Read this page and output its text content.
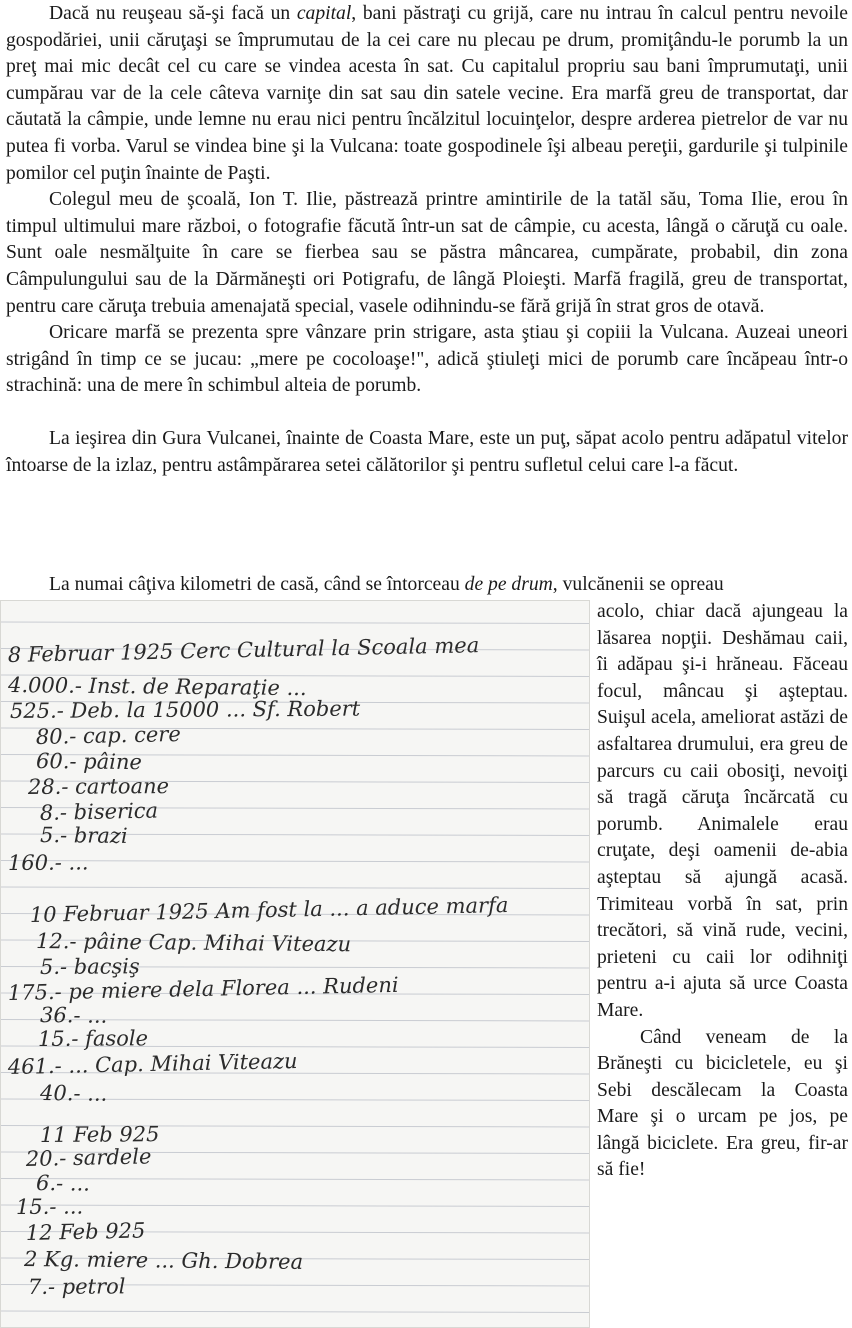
Dacă nu reuşeau să-şi facă un capital, bani păstraţi cu grijă, care nu intrau în calcul pentru nevoile gospodăriei, unii căruţaşi se împrumutau de la cei care nu plecau pe drum, promiţându-le porumb la un preţ mai mic decât cel cu care se vindea acesta în sat. Cu capitalul propriu sau bani împrumutaţi, unii cumpărau var de la cele câteva varniţe din sat sau din satele vecine. Era marfă greu de transportat, dar căutată la câmpie, unde lemne nu erau nici pentru încălzitul locuinţelor, despre arderea pietrelor de var nu putea fi vorba. Varul se vindea bine şi la Vulcana: toate gospodinele îşi albeau pereţii, gardurile şi tulpinile pomilor cel puţin înainte de Paşti.

Colegul meu de şcoală, Ion T. Ilie, păstrează printre amintirile de la tatăl său, Toma Ilie, erou în timpul ultimului mare război, o fotografie făcută într-un sat de câmpie, cu acesta, lângă o căruţă cu oale. Sunt oale nesmălţuite în care se fierbea sau se păstra mâncarea, cumpărate, probabil, din zona Câmpulungului sau de la Dărmăneşti ori Potigrafu, de lângă Ploieşti. Marfă fragilă, greu de transportat, pentru care căruţa trebuia amenajată special, vasele odihnindu-se fără grijă în strat gros de otavă.

Oricare marfă se prezenta spre vânzare prin strigare, asta ştiau şi copiii la Vulcana. Auzeai uneori strigând în timp ce se jucau: „mere pe cocoloaşe!", adică ştiuleţi mici de porumb care încăpeau într-o strachină: una de mere în schimbul alteia de porumb.

La ieşirea din Gura Vulcanei, înainte de Coasta Mare, este un puţ, săpat acolo pentru adăpatul vitelor întoarse de la izlaz, pentru astâmpărarea setei călătorilor şi pentru sufletul celui care l-a făcut.

La numai câţiva kilometri de casă, când se întorceau de pe drum, vulcănenii se opreau

acolo, chiar dacă ajungeau la lăsarea nopţii. Deshămau caii, îi adăpau şi-i hrăneau. Făceau focul, mâncau şi aşteptau. Suişul acela, ameliorat astăzi de asfaltarea drumului, era greu de parcurs cu caii obosiţi, nevoiţi să tragă căruţa încărcată cu porumb. Animalele erau cruţate, deşi oamenii de-abia aşteptau să ajungă acasă. Trimiteau vorbă în sat, prin trecători, să vină rude, vecini, prieteni cu caii lor odihniţi pentru a-i ajuta să urce Coasta Mare.

Când veneam de la Brăneşti cu bicicletele, eu şi Sebi descălecam la Coasta Mare şi o urcam pe jos, pe lângă biciclete. Era greu, fir-ar să fie!

8 Februar 1925 Cerc Cultural la Scoala mea
4.000.- Inst. de Reparaţie ...
525.- Deb. la 15000 ... Sf. Robert
80.- cap. cere
60.- pâine
28.- cartoane
8.- biserica
5.- brazi
160.- ...
10 Februar 1925 Am fost la ... a aduce marfa
12.- pâine Cap. Mihai Viteazu
5.- bacşiş
175.- pe miere dela Florea ... Rudeni
36.- ...
15.- fasole
461.- ... Cap. Mihai Viteazu
40.- ...
11 Feb 925
20.- sardele
6.- ...
15.- ...
12 Feb 925
2 Kg. miere ... Gh. Dobrea
7.- petrol
